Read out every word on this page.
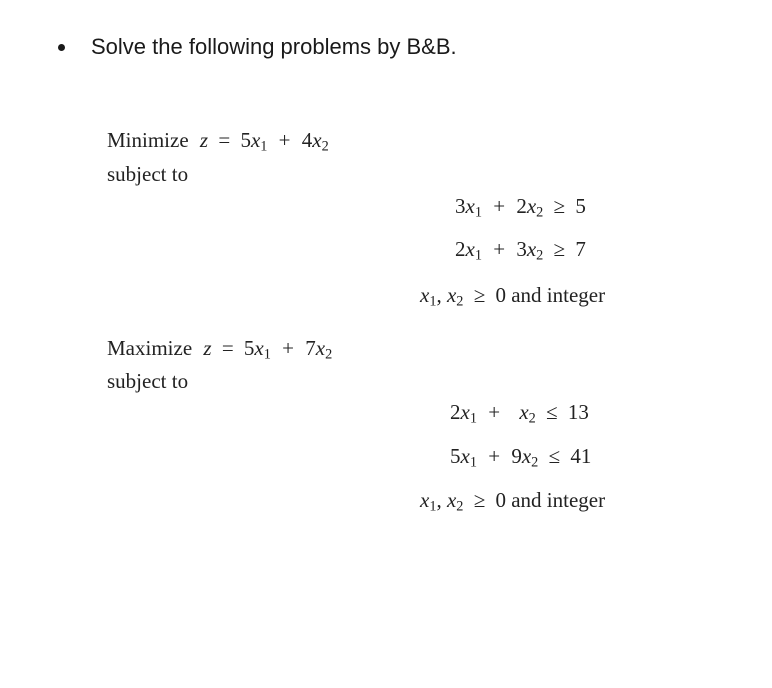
Solve the following problems by B&B.
Minimize $z = 5x_1 + 4x_2$
subject to
$3x_1 + 2x_2 \ge 5$
$2x_1 + 3x_2 \ge 7$
$x_1$, $x_2 \ge 0$ and integer
Maximize $z = 5x_1 + 7x_2$
subject to
$2x_1 + x_2 \le 13$
$5x_1 + 9x_2 \le 41$
$x_1$, $x_2 \ge 0$ and integer
